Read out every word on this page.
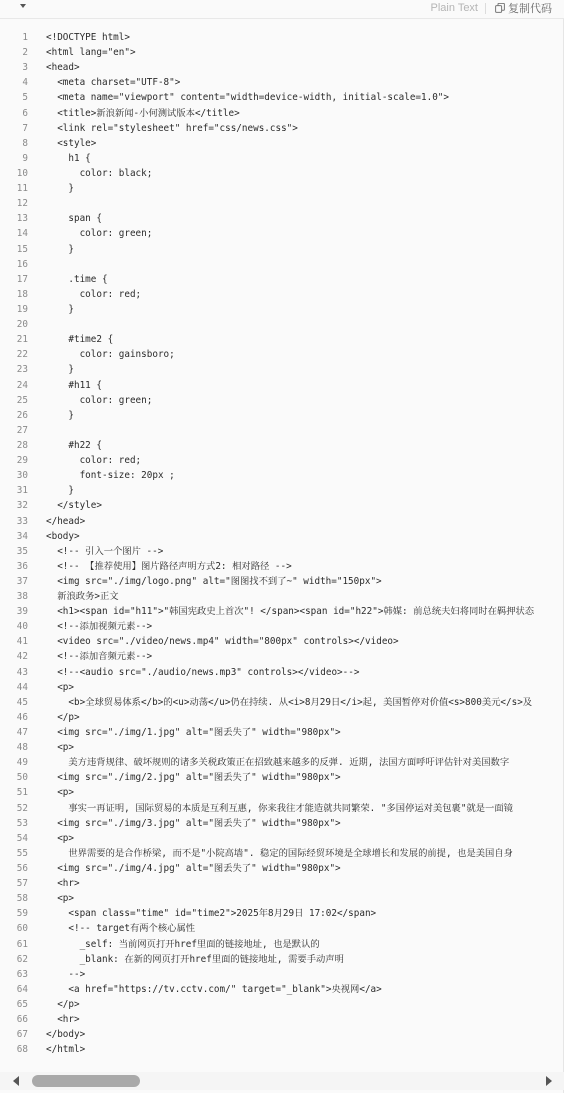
Plain Text	复制代码
1 <!DOCTYPE html>
2 <html lang="en">
3 <head>
4 <meta charset="UTF-8">
5 <meta name="viewport" content="width=device-width, initial-scale=1.0">
6 <title>新浪新闻-小何测试版本</title>
7 <link rel="stylesheet" href="css/news.css">
8 <style>
9 h1 {
10 color: black;
11 }
12
13 span {
14 color: green;
15 }
16
17 .time {
18 color: red;
19 }
20
21 #time2 {
22 color: gainsboro;
23 }
24 #h11 {
25 color: green;
26 }
27
28 #h22 {
29 color: red;
30 font-size: 20px ;
31 }
32 </style>
33 </head>
34 <body>
35 <!-- 引入一个图片 -->
36 <!-- 【推荐使用】图片路径声明方式2: 相对路径 -->
37 <img src="./img/logo.png" alt="图图找不到了~" width="150px">
38 新浪政务>正文
39 <h1><span id="h11">"韩国宪政史上首次"! </span><span id="h22">韩媒: 前总统夫妇将同时在羁押状态
40 <!--添加视频元素-->
41 <video src="./video/news.mp4" width="800px" controls></video>
42 <!--添加音频元素-->
43 <!--<audio src="./audio/news.mp3" controls></video>-->
44 <p>
45 <b>全球贸易体系</b>的<u>动荡</u>仍在持续. 从<i>8月29日</i>起, 美国暂停对价值<s>800美元</s>及
46 </p>
47 <img src="./img/1.jpg" alt="图丢失了" width="980px">
48 <p>
49 美方违背规律、破坏规则的诸多关税政策正在招致越来越多的反弹. 近期, 法国方面呼吁评估针对美国数字
50 <img src="./img/2.jpg" alt="图丢失了" width="980px">
51 <p>
52 事实一再证明, 国际贸易的本质是互利互惠, 你来我往才能造就共同繁荣. "多国停运对美包裹"就是一面镜
53 <img src="./img/3.jpg" alt="图丢失了" width="980px">
54 <p>
55 世界需要的是合作桥梁, 而不是"小院高墙". 稳定的国际经贸环境是全球增长和发展的前提, 也是美国自身
56 <img src="./img/4.jpg" alt="图丢失了" width="980px">
57 <hr>
58 <p>
59 <span class="time" id="time2">2025年8月29日 17:02</span>
60 <!-- target有两个核心属性
61 _self: 当前网页打开href里面的链接地址, 也是默认的
62 _blank: 在新的网页打开href里面的链接地址, 需要手动声明
63 -->
64 <a href="https://tv.cctv.com/" target="_blank">央视网</a>
65 </p>
66 <hr>
67 </body>
68 </html>
